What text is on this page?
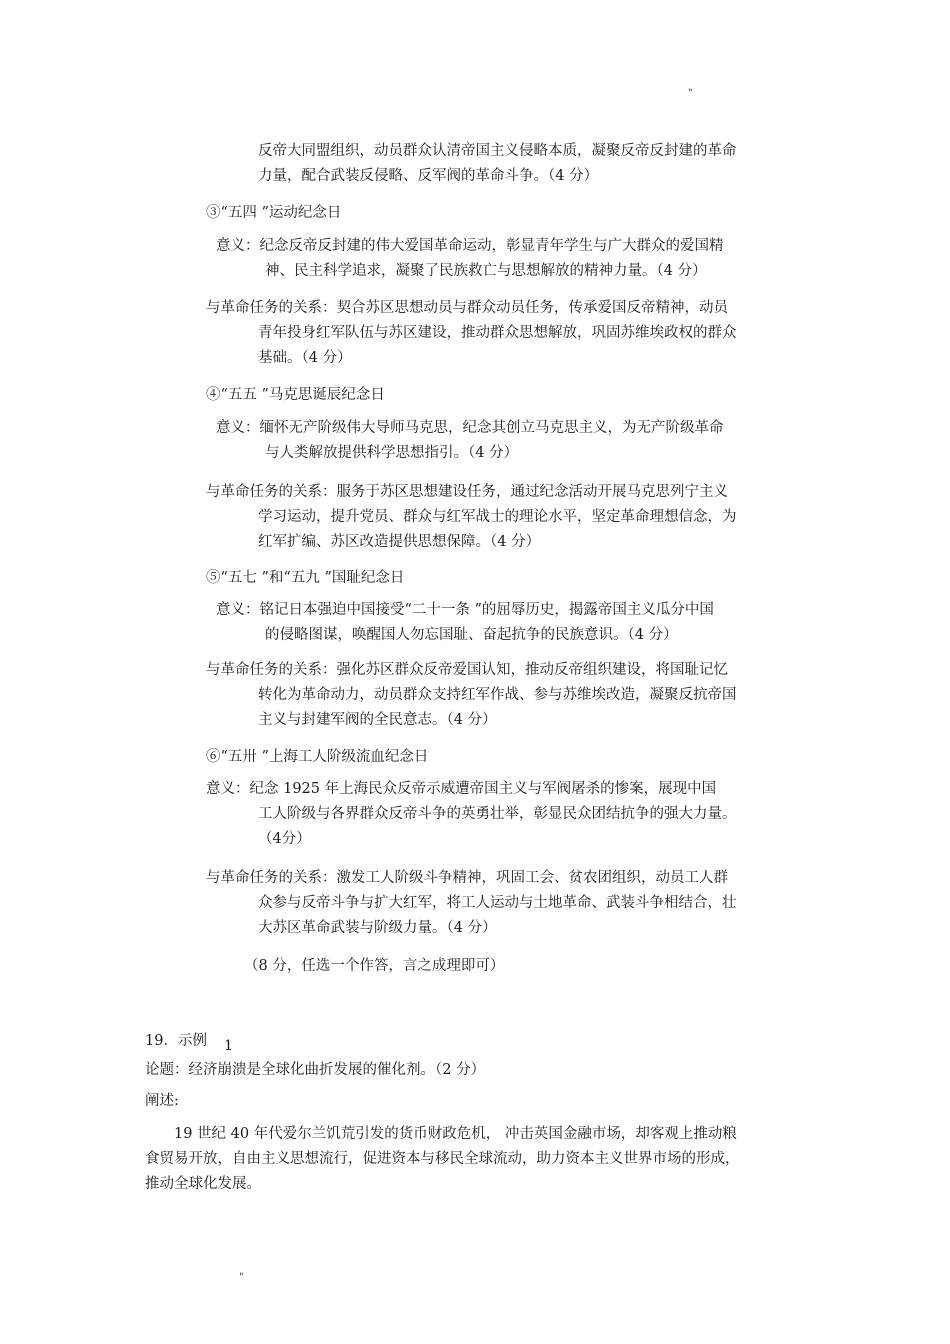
"
反帝大同盟组织，动员群众认清帝国主义侵略本质，凝聚反帝反封建的革命
力量，配合武装反侵略、反军阀的革命斗争。（4 分）
③“五四 ”运动纪念日
意义：纪念反帝反封建的伟大爱国革命运动，彰显青年学生与广大群众的爱国精
神、民主科学追求，凝聚了民族救亡与思想解放的精神力量。（4 分）
与革命任务的关系：契合苏区思想动员与群众动员任务，传承爱国反帝精神，动员
青年投身红军队伍与苏区建设，推动群众思想解放，巩固苏维埃政权的群众
基础。（4 分）
④“五五 ”马克思诞辰纪念日
意义：缅怀无产阶级伟大导师马克思，纪念其创立马克思主义，为无产阶级革命
与人类解放提供科学思想指引。（4 分）
与革命任务的关系：服务于苏区思想建设任务，通过纪念活动开展马克思列宁主义
学习运动，提升党员、群众与红军战士的理论水平，坚定革命理想信念，为
红军扩编、苏区改造提供思想保障。（4 分）
⑤“五七 ”和“五九 ”国耻纪念日
意义：铭记日本强迫中国接受“二十一条 ”的屈辱历史，揭露帝国主义瓜分中国
的侵略图谋，唤醒国人勿忘国耻、奋起抗争的民族意识。（4 分）
与革命任务的关系：强化苏区群众反帝爱国认知，推动反帝组织建设，将国耻记忆
转化为革命动力，动员群众支持红军作战、参与苏维埃改造，凝聚反抗帝国
主义与封建军阀的全民意志。（4 分）
⑥“五卅 ”上海工人阶级流血纪念日
意义：纪念 1925 年上海民众反帝示威遭帝国主义与军阀屠杀的惨案，展现中国
工人阶级与各界群众反帝斗争的英勇壮举，彰显民众团结抗争的强大力量。
（4分）
与革命任务的关系：激发工人阶级斗争精神，巩固工会、贫农团组织，动员工人群
众参与反帝斗争与扩大红军，将工人运动与土地革命、武装斗争相结合，壮
大苏区革命武装与阶级力量。（4 分）
（8 分，任选一个作答，言之成理即可）
19．示例 1
论题：经济崩溃是全球化曲折发展的催化剂。（2 分）
阐述:
19 世纪 40 年代爱尔兰饥荒引发的货币财政危机， 冲击英国金融市场，却客观上推动粮
食贸易开放，自由主义思想流行，促进资本与移民全球流动，助力资本主义世界市场的形成，
推动全球化发展。
"
